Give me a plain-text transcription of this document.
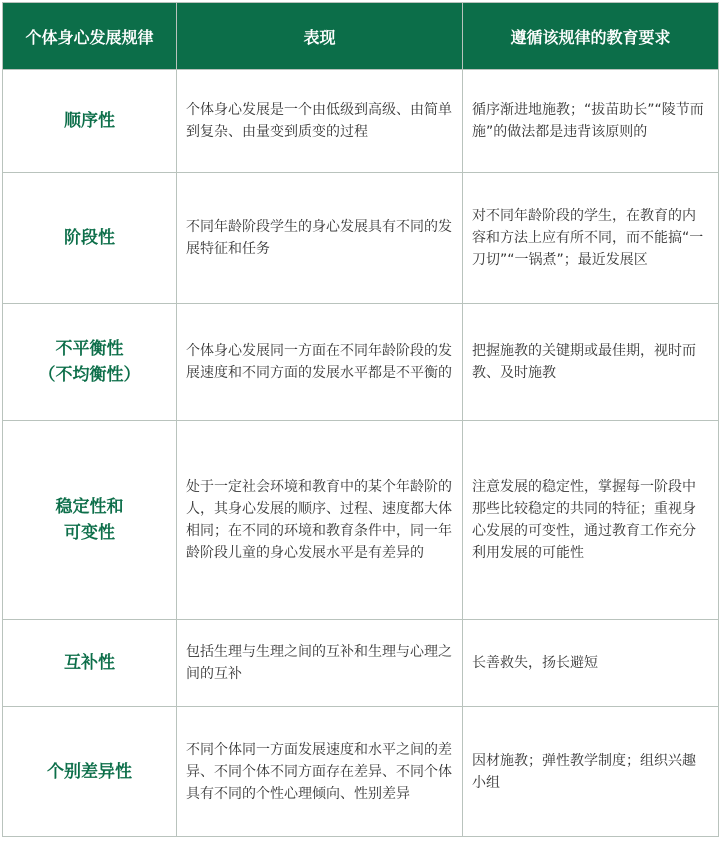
个体身心发展规律	表现	遵循该规律的教育要求

顺序性	个体身心发展是一个由低级到高级、由简单到复杂、由量变到质变的过程	循序渐进地施教；“拔苗助长”“陵节而施”的做法都是违背该原则的

阶段性	不同年龄阶段学生的身心发展具有不同的发展特征和任务	对不同年龄阶段的学生，在教育的内容和方法上应有所不同，而不能搞“一刀切”“一锅煮”；最近发展区

不平衡性
（不均衡性）	个体身心发展同一方面在不同年龄阶段的发展速度和不同方面的发展水平都是不平衡的	把握施教的关键期或最佳期，视时而教、及时施教

稳定性和
可变性	处于一定社会环境和教育中的某个年龄阶的人，其身心发展的顺序、过程、速度都大体相同；在不同的环境和教育条件中，同一年龄阶段儿童的身心发展水平是有差异的	注意发展的稳定性，掌握每一阶段中那些比较稳定的共同的特征；重视身心发展的可变性，通过教育工作充分利用发展的可能性

互补性	包括生理与生理之间的互补和生理与心理之间的互补	长善救失，扬长避短

个别差异性	不同个体同一方面发展速度和水平之间的差异、不同个体不同方面存在差异、不同个体具有不同的个性心理倾向、性别差异	因材施教；弹性教学制度；组织兴趣小组
